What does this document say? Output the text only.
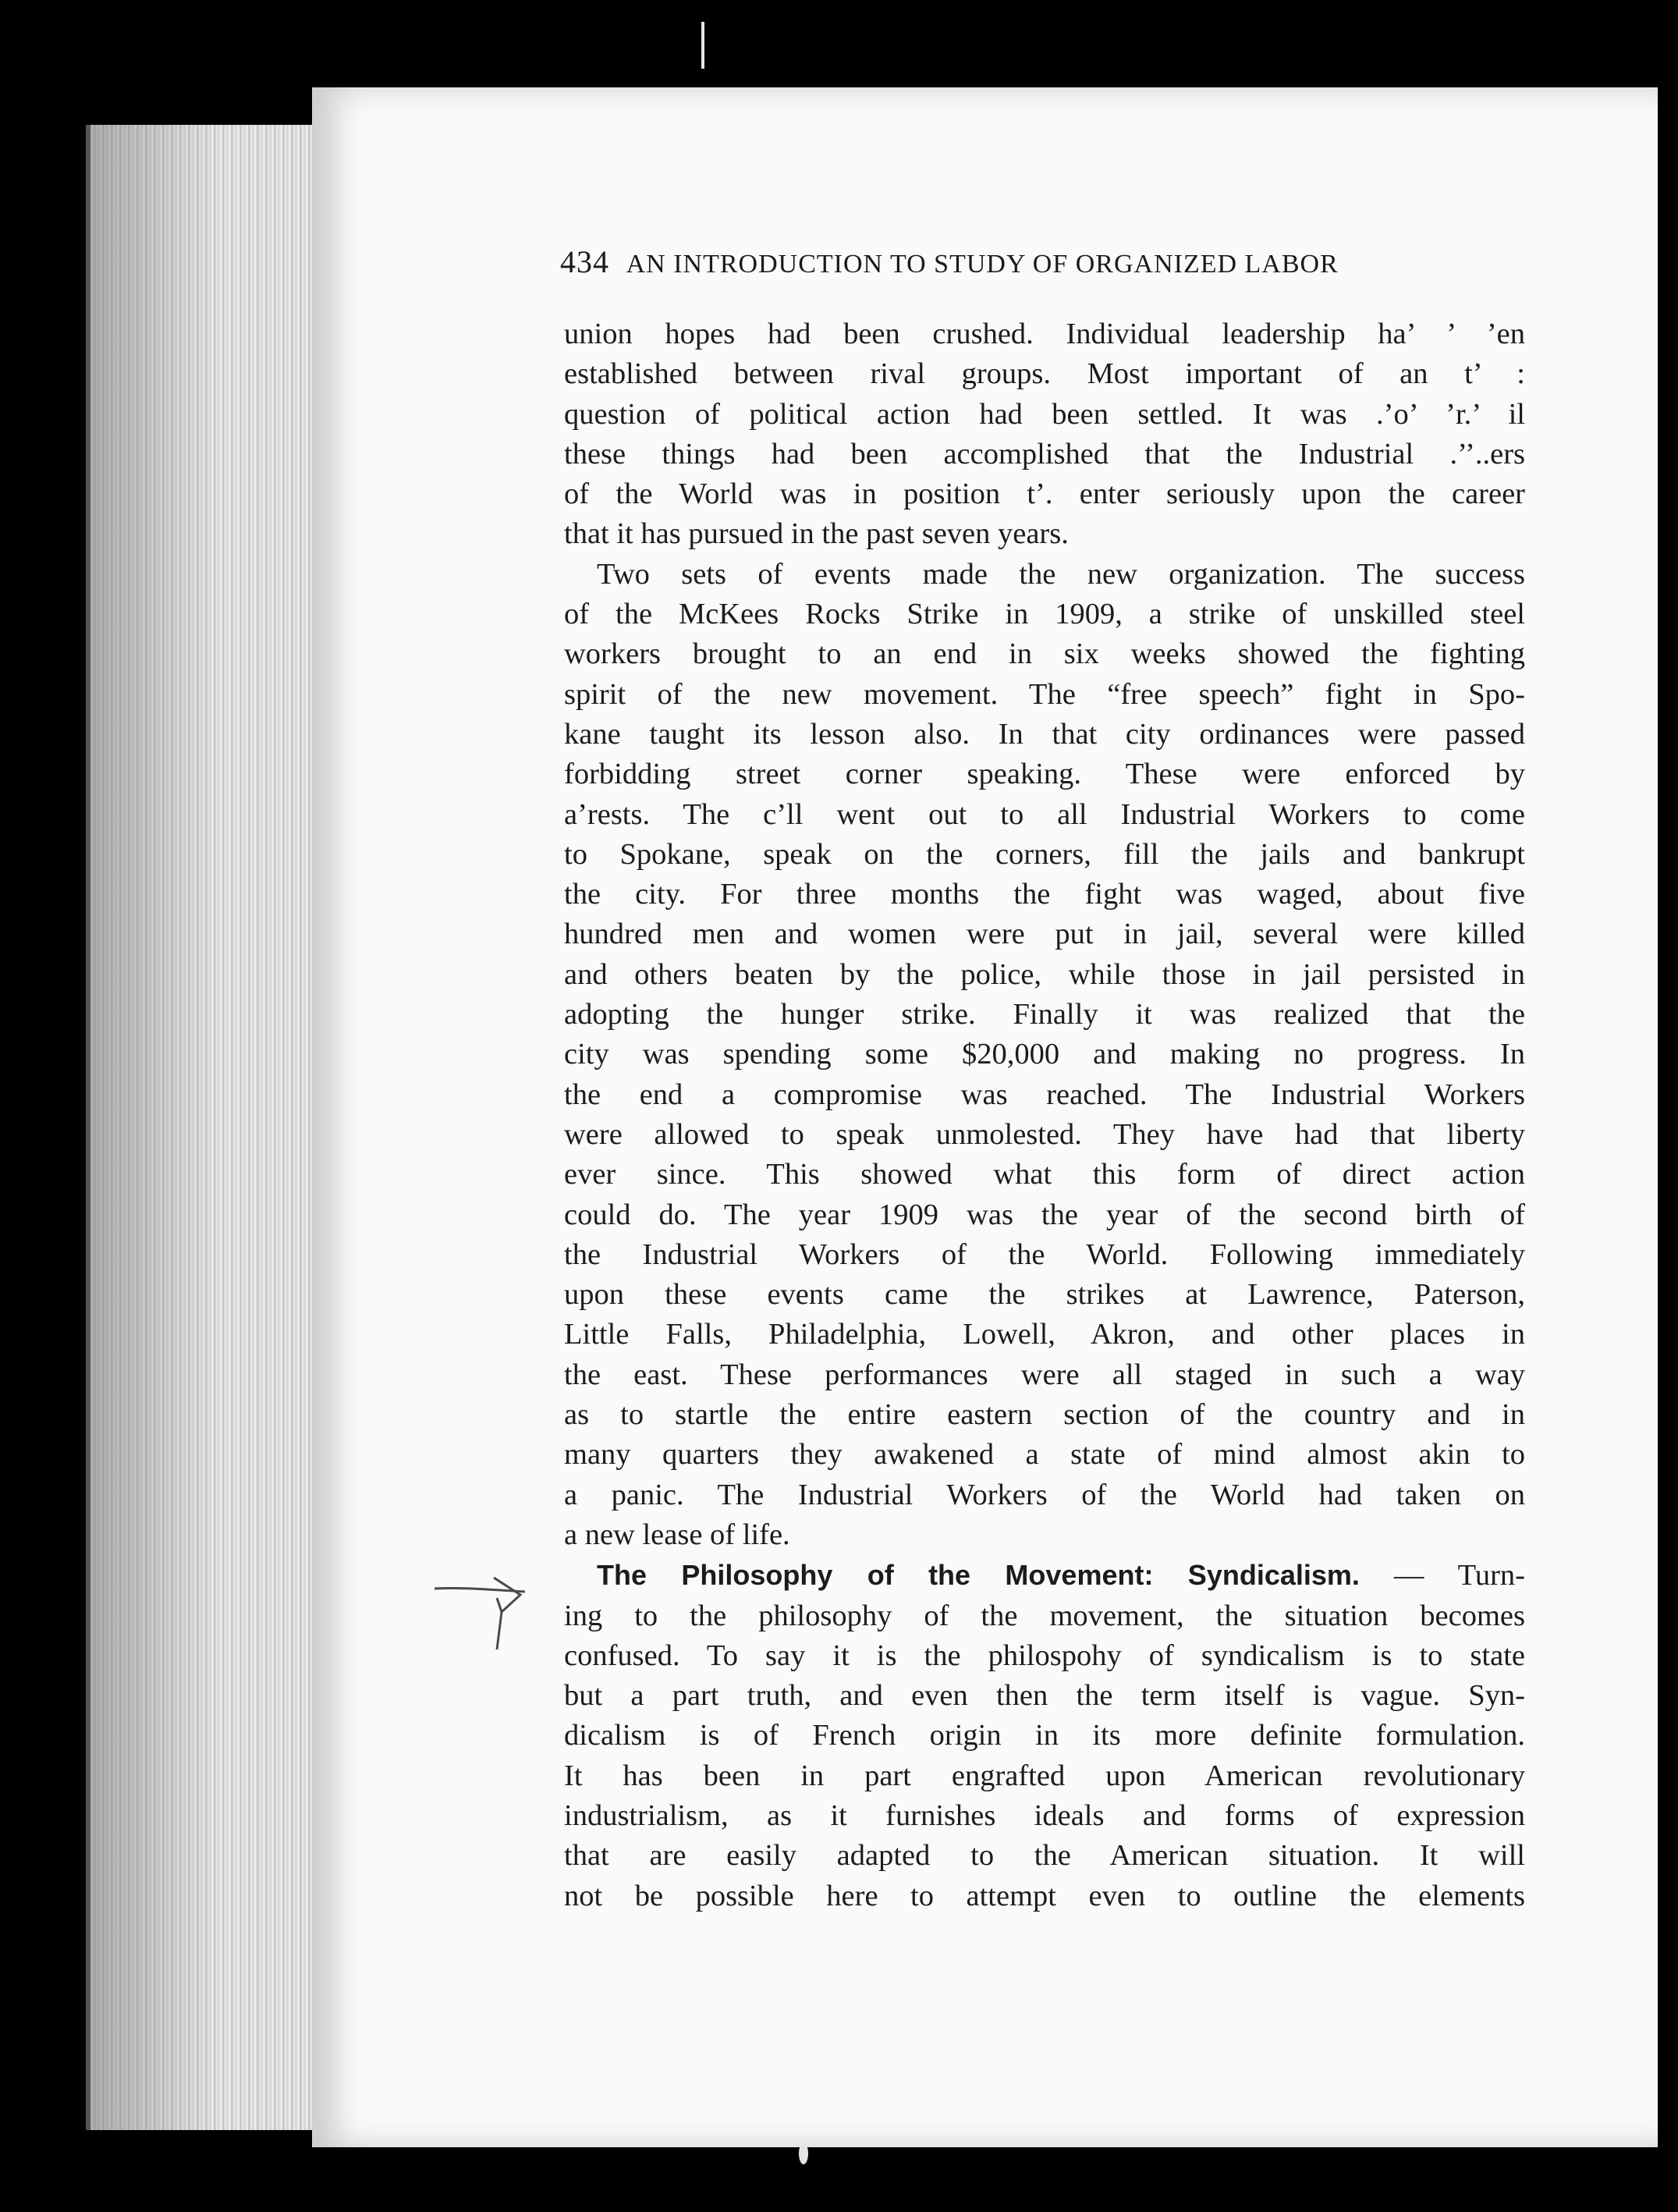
434 AN INTRODUCTION TO STUDY OF ORGANIZED LABOR
union hopes had been crushed. Individual leadership ha’ ’ ’en
established between rival groups. Most important of an t’ :
question of political action had been settled. It was .’o’ ’r.’ il
these things had been accomplished that the Industrial .’’..ers
of the World was in position t’. enter seriously upon the career
that it has pursued in the past seven years.
Two sets of events made the new organization. The success
of the McKees Rocks Strike in 1909, a strike of unskilled steel
workers brought to an end in six weeks showed the fighting
spirit of the new movement. The “free speech” fight in Spo-
kane taught its lesson also. In that city ordinances were passed
forbidding street corner speaking. These were enforced by
a’rests. The c’ll went out to all Industrial Workers to come
to Spokane, speak on the corners, fill the jails and bankrupt
the city. For three months the fight was waged, about five
hundred men and women were put in jail, several were killed
and others beaten by the police, while those in jail persisted in
adopting the hunger strike. Finally it was realized that the
city was spending some $20,000 and making no progress. In
the end a compromise was reached. The Industrial Workers
were allowed to speak unmolested. They have had that liberty
ever since. This showed what this form of direct action
could do. The year 1909 was the year of the second birth of
the Industrial Workers of the World. Following immediately
upon these events came the strikes at Lawrence, Paterson,
Little Falls, Philadelphia, Lowell, Akron, and other places in
the east. These performances were all staged in such a way
as to startle the entire eastern section of the country and in
many quarters they awakened a state of mind almost akin to
a panic. The Industrial Workers of the World had taken on
a new lease of life.
The Philosophy of the Movement: Syndicalism. — Turn-
ing to the philosophy of the movement, the situation becomes
confused. To say it is the philospohy of syndicalism is to state
but a part truth, and even then the term itself is vague. Syn-
dicalism is of French origin in its more definite formulation.
It has been in part engrafted upon American revolutionary
industrialism, as it furnishes ideals and forms of expression
that are easily adapted to the American situation. It will
not be possible here to attempt even to outline the elements
